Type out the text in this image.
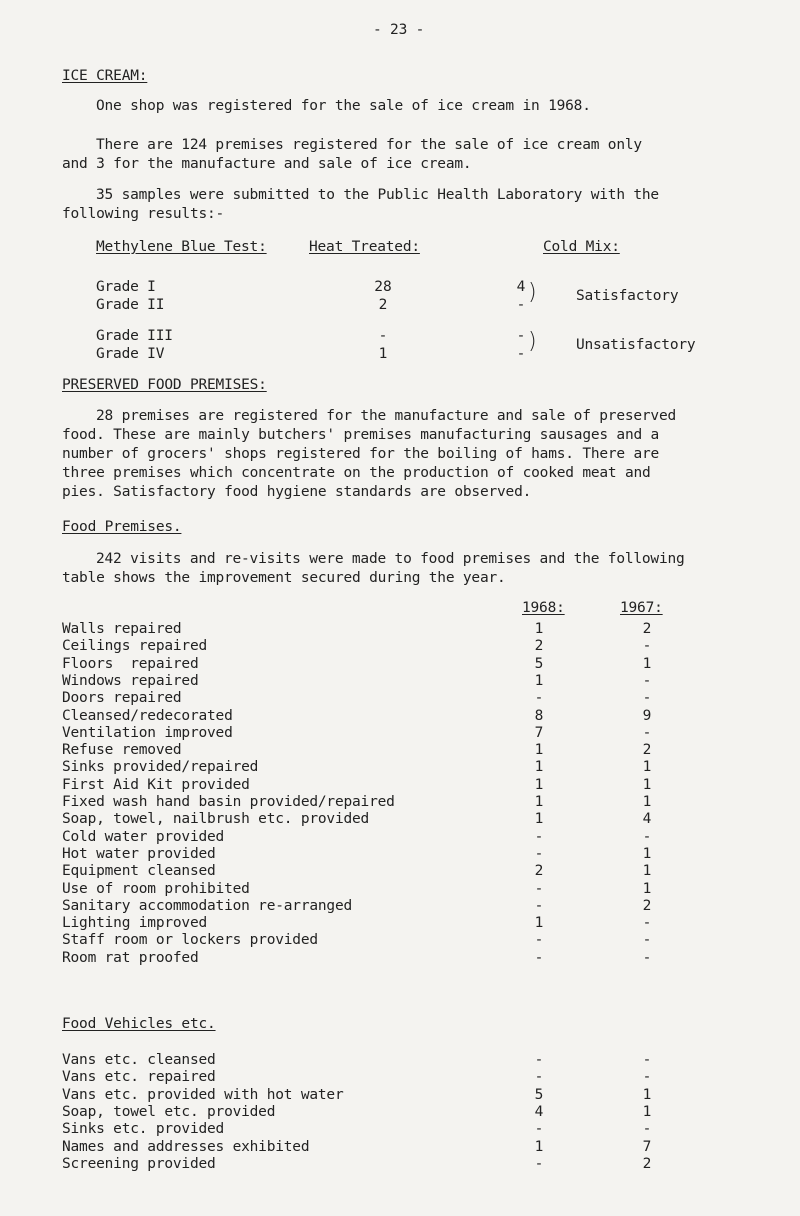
- 23 -
ICE CREAM:
One shop was registered for the sale of ice cream in 1968.
There are 124 premises registered for the sale of ice cream only
and 3 for the manufacture and sale of ice cream.
35 samples were submitted to the Public Health Laboratory with the
following results:-
Methylene Blue Test:	Heat Treated:	Cold Mix:
Grade I	28	4
Grade II	2	- )	Satisfactory
Grade III	-	-
Grade IV	1	- )	Unsatisfactory
PRESERVED FOOD PREMISES:
28 premises are registered for the manufacture and sale of preserved
food. These are mainly butchers' premises manufacturing sausages and a
number of grocers' shops registered for the boiling of hams. There are
three premises which concentrate on the production of cooked meat and
pies. Satisfactory food hygiene standards are observed.
Food Premises.
242 visits and re-visits were made to food premises and the following
table shows the improvement secured during the year.
1968:	1967:
Walls repaired	1	2
Ceilings repaired	2	-
Floors  repaired	5	1
Windows repaired	1	-
Doors repaired	-	-
Cleansed/redecorated	8	9
Ventilation improved	7	-
Refuse removed	1	2
Sinks provided/repaired	1	1
First Aid Kit provided	1	1
Fixed wash hand basin provided/repaired	1	1
Soap, towel, nailbrush etc. provided	1	4
Cold water provided	-	-
Hot water provided	-	1
Equipment cleansed	2	1
Use of room prohibited	-	1
Sanitary accommodation re-arranged	-	2
Lighting improved	1	-
Staff room or lockers provided	-	-
Room rat proofed	-	-
Food Vehicles etc.
Vans etc. cleansed	-	-
Vans etc. repaired	-	-
Vans etc. provided with hot water	5	1
Soap, towel etc. provided	4	1
Sinks etc. provided	-	-
Names and addresses exhibited	1	7
Screening provided	-	2
